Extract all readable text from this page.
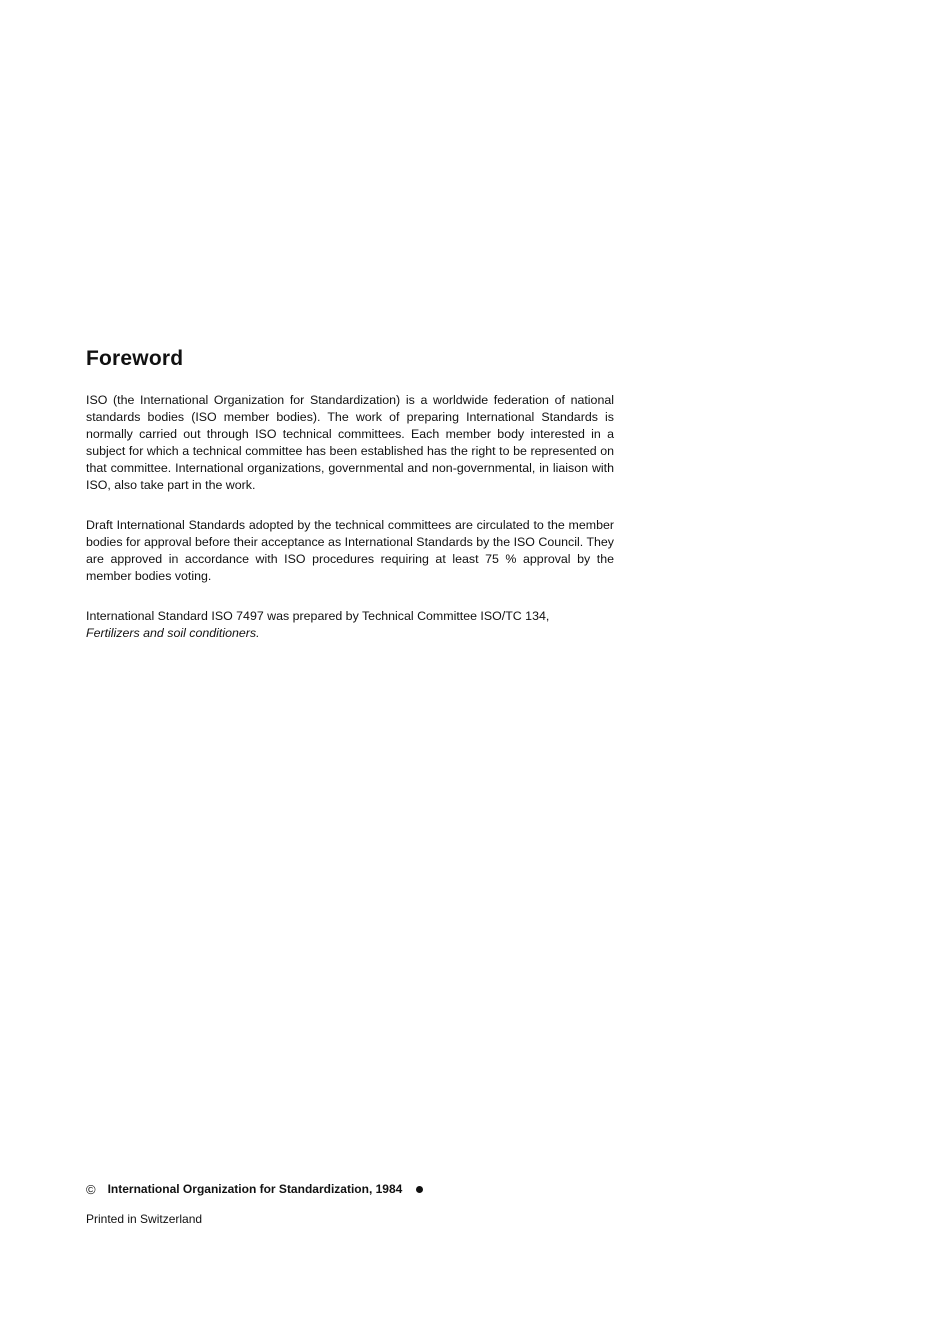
Foreword

ISO (the International Organization for Standardization) is a worldwide federation of national standards bodies (ISO member bodies). The work of preparing International Standards is normally carried out through ISO technical committees. Each member body interested in a subject for which a technical committee has been established has the right to be represented on that committee. International organizations, governmental and non-governmental, in liaison with ISO, also take part in the work.

Draft International Standards adopted by the technical committees are circulated to the member bodies for approval before their acceptance as International Standards by the ISO Council. They are approved in accordance with ISO procedures requiring at least 75 % approval by the member bodies voting.

International Standard ISO 7497 was prepared by Technical Committee ISO/TC 134,
Fertilizers and soil conditioners.

© International Organization for Standardization, 1984
Printed in Switzerland
